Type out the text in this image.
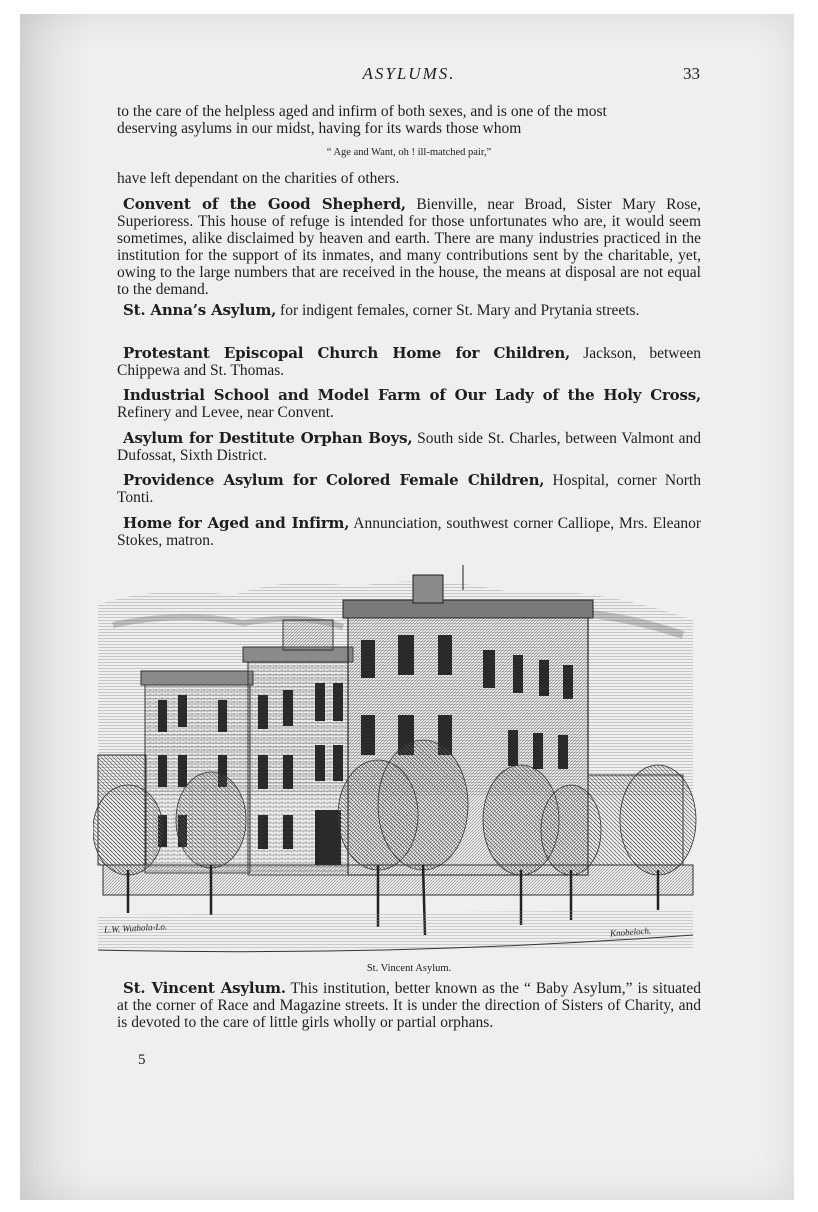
ASYLUMS.	33
to the care of the helpless aged and infirm of both sexes, and is one of the most
deserving asylums in our midst, having for its wards those whom
“ Age and Want, oh ! ill-matched pair,”
have left dependant on the charities of others.
Convent of the Good Shepherd, Bienville, near Broad, Sister Mary Rose, Superioress. This house of refuge is intended for those unfortunates who are, it would seem sometimes, alike disclaimed by heaven and earth. There are many industries practiced in the institution for the support of its inmates, and many contributions sent by the charitable, yet, owing to the large numbers that are received in the house, the means at disposal are not equal to the demand.
St. Anna’s Asylum, for indigent females, corner St. Mary and Prytania streets.
Protestant Episcopal Church Home for Children, Jackson, between Chippewa and St. Thomas.
Industrial School and Model Farm of Our Lady of the Holy Cross, Refinery and Levee, near Convent.
Asylum for Destitute Orphan Boys, South side St. Charles, between Valmont and Dufossat, Sixth District.
Providence Asylum for Colored Female Children, Hospital, corner North Tonti.
Home for Aged and Infirm, Annunciation, southwest corner Calliope, Mrs. Eleanor Stokes, matron.
L.W. Wuthola-Lo.	Knobeloch.
St. Vincent Asylum.
St. Vincent Asylum. This institution, better known as the “ Baby Asylum,” is situated at the corner of Race and Magazine streets. It is under the direction of Sisters of Charity, and is devoted to the care of little girls wholly or partial orphans.
5
